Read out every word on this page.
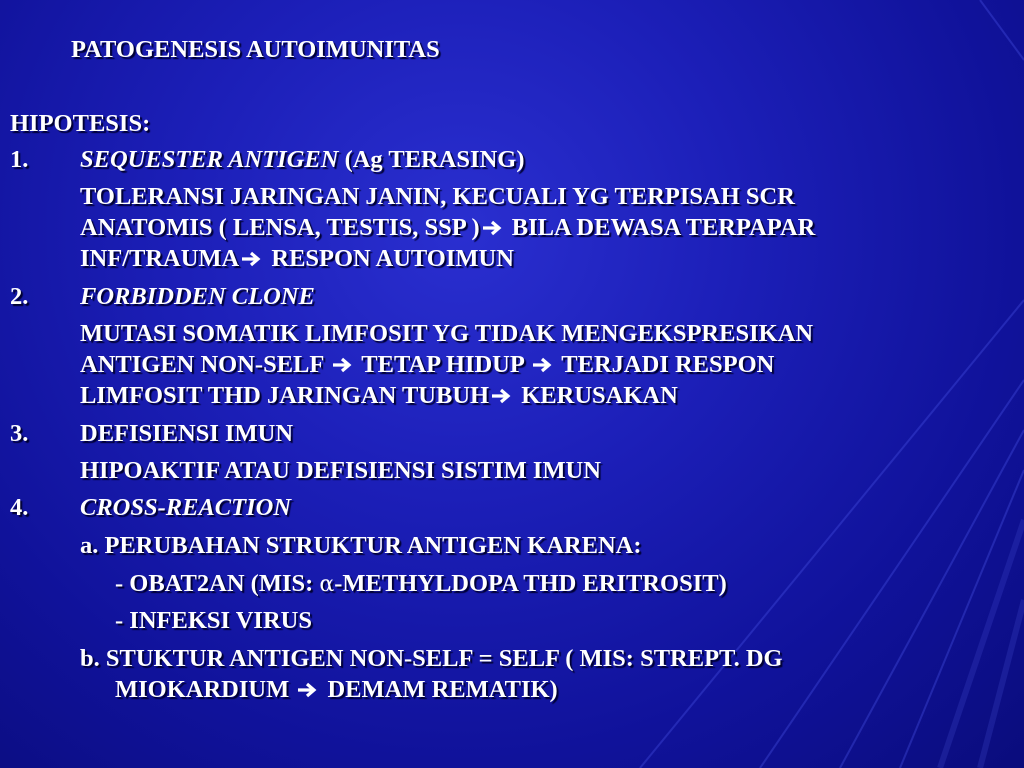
PATOGENESIS AUTOIMUNITAS
HIPOTESIS:
1. SEQUESTER ANTIGEN (Ag TERASING)
TOLERANSI JARINGAN JANIN, KECUALI YG TERPISAH SCR
ANATOMIS ( LENSA, TESTIS, SSP ) BILA DEWASA TERPAPAR
INF/TRAUMA RESPON AUTOIMUN
2. FORBIDDEN CLONE
MUTASI SOMATIK LIMFOSIT YG TIDAK MENGEKSPRESIKAN
ANTIGEN NON-SELF  TETAP HIDUP  TERJADI RESPON
LIMFOSIT THD JARINGAN TUBUH KERUSAKAN
3. DEFISIENSI IMUN
HIPOAKTIF ATAU DEFISIENSI SISTIM IMUN
4. CROSS-REACTION
a. PERUBAHAN STRUKTUR ANTIGEN KARENA:
- OBAT2AN (MIS: α-METHYLDOPA THD ERITROSIT)
- INFEKSI VIRUS
b. STUKTUR ANTIGEN NON-SELF = SELF ( MIS: STREPT. DG
MIOKARDIUM  DEMAM REMATIK)
